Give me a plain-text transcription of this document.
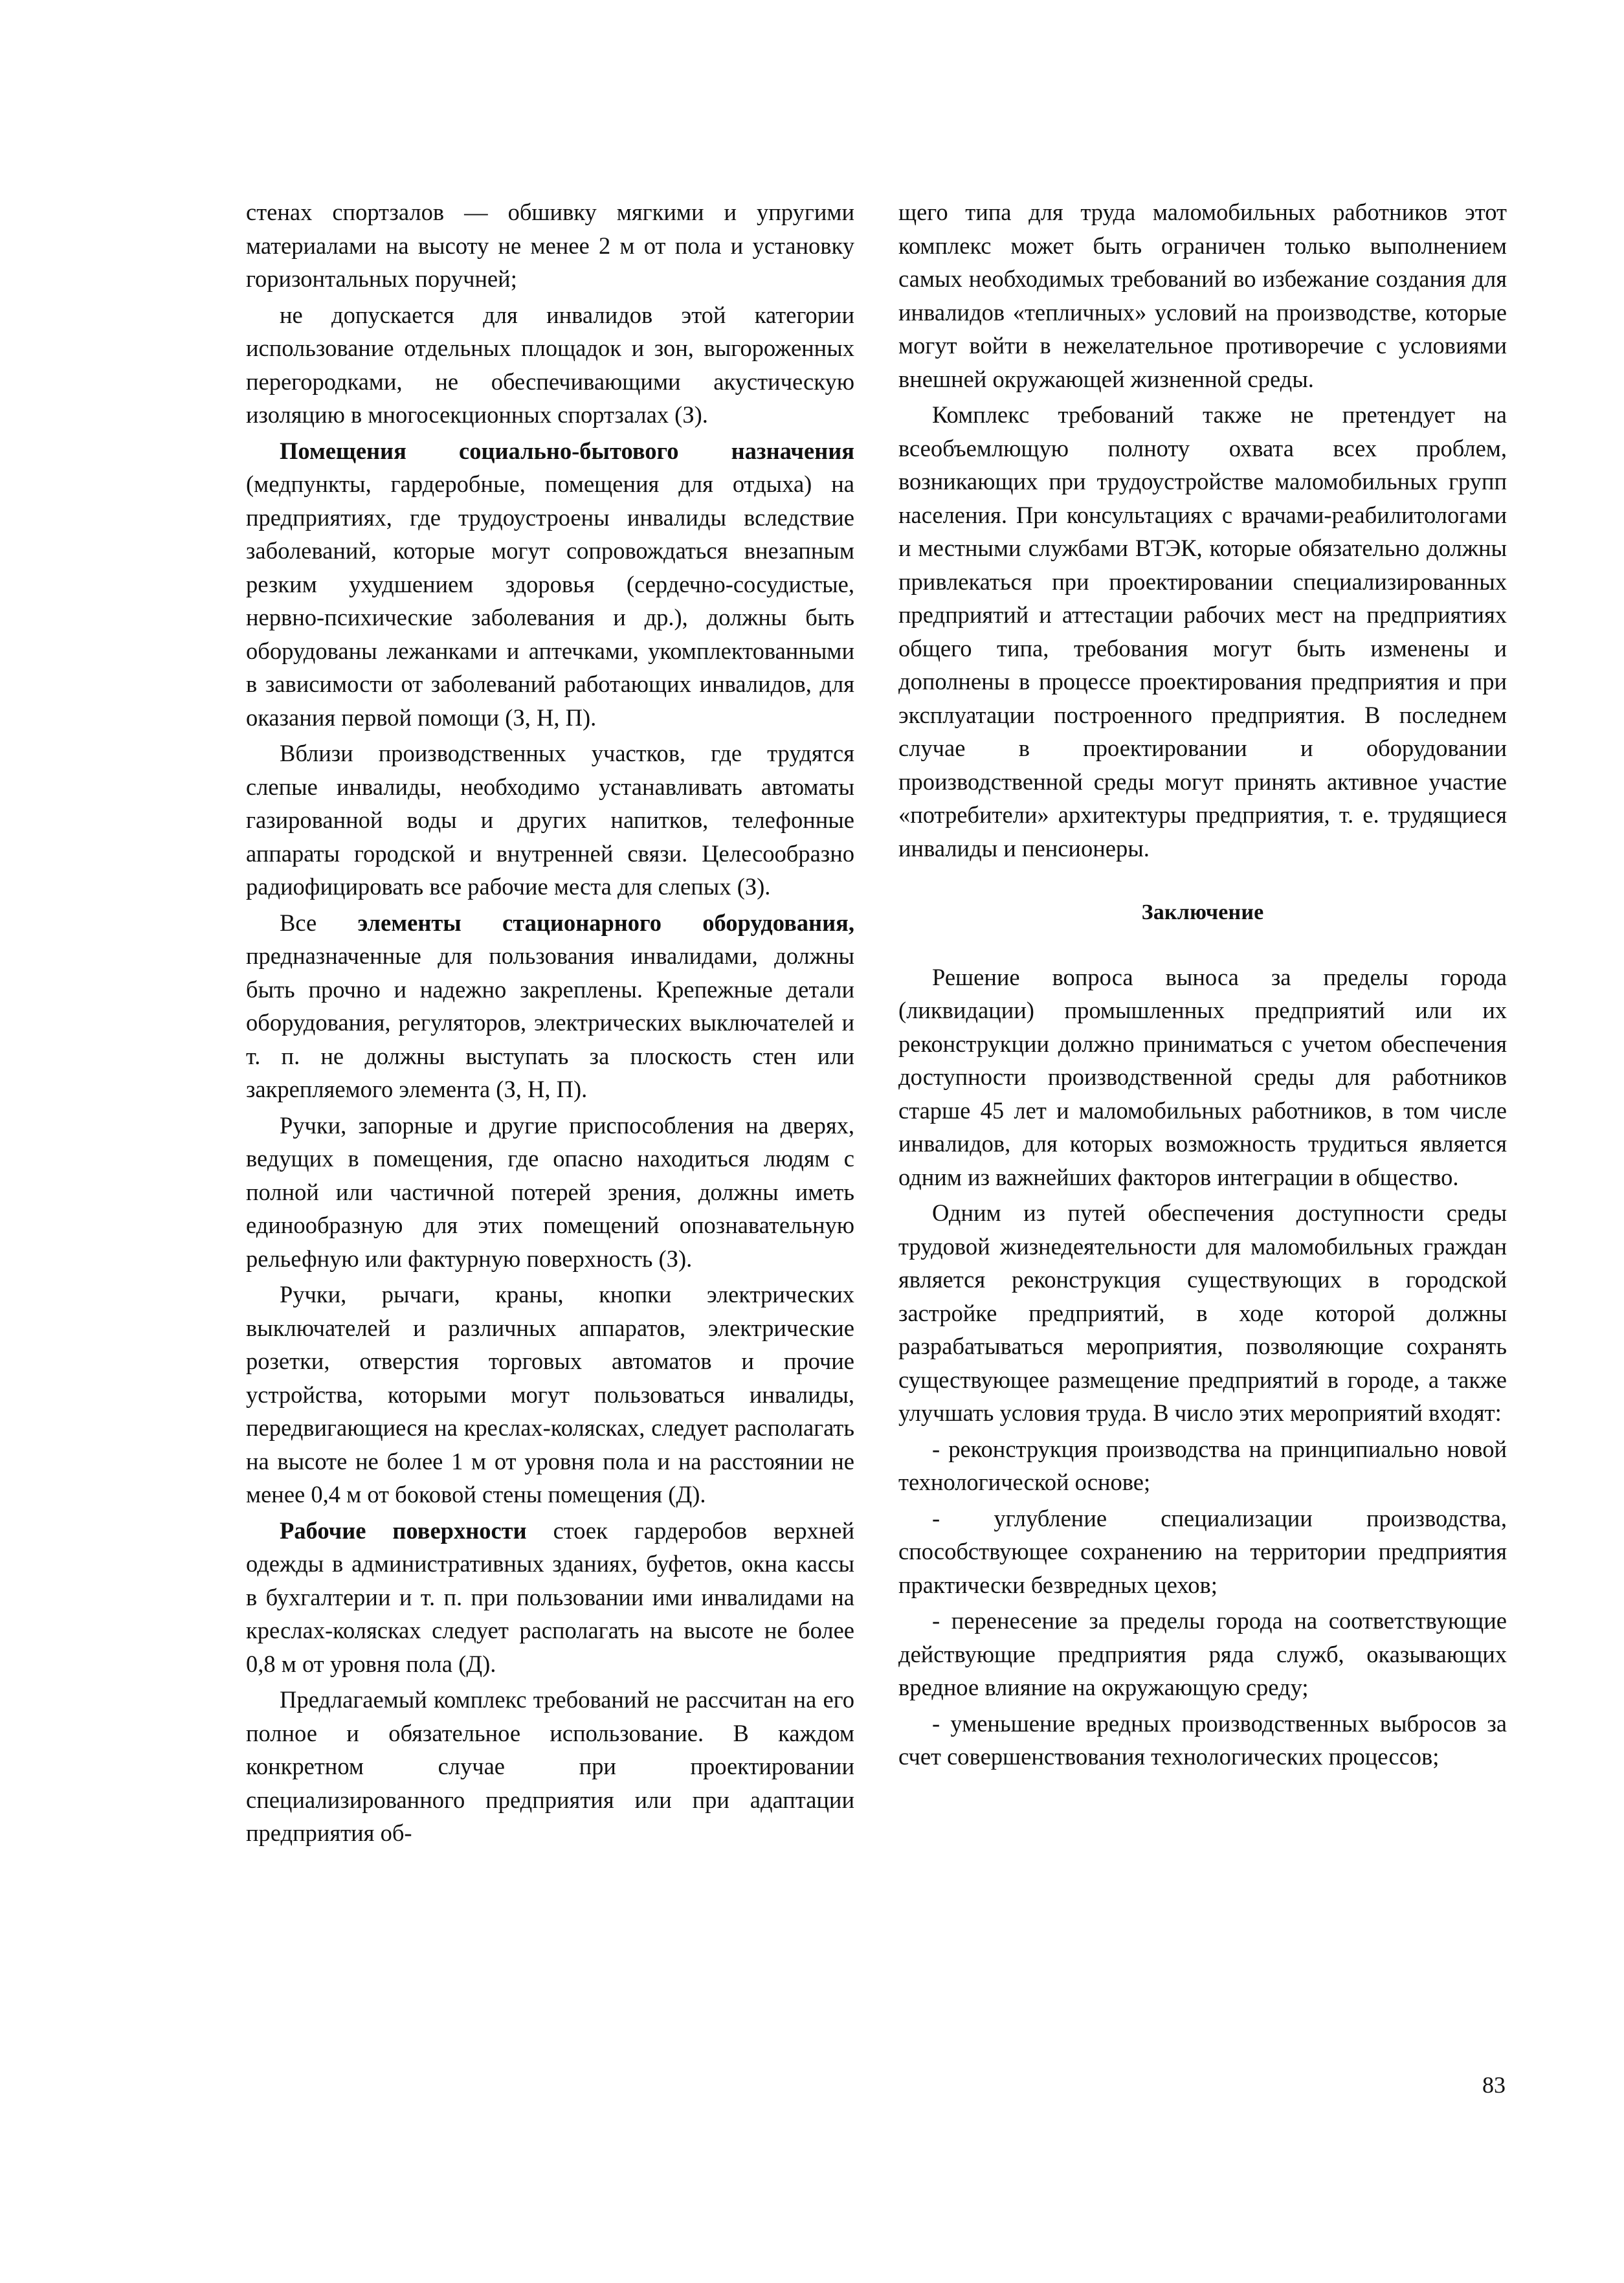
стенах спортзалов — обшивку мягкими и упругими материалами на высоту не менее 2 м от пола и установку горизонтальных поручней;

не допускается для инвалидов этой категории использование отдельных площадок и зон, выгороженных перегородками, не обеспечивающими акустическую изоляцию в многосекционных спортзалах (З).

Помещения социально-бытового назначения (медпункты, гардеробные, помещения для отдыха) на предприятиях, где трудоустроены инвалиды вследствие заболеваний, которые могут сопровождаться внезапным резким ухудшением здоровья (сердечно-сосудистые, нервно-психические заболевания и др.), должны быть оборудованы лежанками и аптечками, укомплектованными в зависимости от заболеваний работающих инвалидов, для оказания первой помощи (З, Н, П).

Вблизи производственных участков, где трудятся слепые инвалиды, необходимо устанавливать автоматы газированной воды и других напитков, телефонные аппараты городской и внутренней связи. Целесообразно радиофицировать все рабочие места для слепых (З).

Все элементы стационарного оборудования, предназначенные для пользования инвалидами, должны быть прочно и надежно закреплены. Крепежные детали оборудования, регуляторов, электрических выключателей и т. п. не должны выступать за плоскость стен или закрепляемого элемента (З, Н, П).

Ручки, запорные и другие приспособления на дверях, ведущих в помещения, где опасно находиться людям с полной или частичной потерей зрения, должны иметь единообразную для этих помещений опознавательную рельефную или фактурную поверхность (З).

Ручки, рычаги, краны, кнопки электрических выключателей и различных аппаратов, электрические розетки, отверстия торговых автоматов и прочие устройства, которыми могут пользоваться инвалиды, передвигающиеся на креслах-колясках, следует располагать на высоте не более 1 м от уровня пола и на расстоянии не менее 0,4 м от боковой стены помещения (Д).

Рабочие поверхности стоек гардеробов верхней одежды в административных зданиях, буфетов, окна кассы в бухгалтерии и т. п. при пользовании ими инвалидами на креслах-колясках следует располагать на высоте не более 0,8 м от уровня пола (Д).

Предлагаемый комплекс требований не рассчитан на его полное и обязательное использование. В каждом конкретном случае при проектировании специализированного предприятия или при адаптации предприятия об-

щего типа для труда маломобильных работников этот комплекс может быть ограничен только выполнением самых необходимых требований во избежание создания для инвалидов «тепличных» условий на производстве, которые могут войти в нежелательное противоречие с условиями внешней окружающей жизненной среды.

Комплекс требований также не претендует на всеобъемлющую полноту охвата всех проблем, возникающих при трудоустройстве маломобильных групп населения. При консультациях с врачами-реабилитологами и местными службами ВТЭК, которые обязательно должны привлекаться при проектировании специализированных предприятий и аттестации рабочих мест на предприятиях общего типа, требования могут быть изменены и дополнены в процессе проектирования предприятия и при эксплуатации построенного предприятия. В последнем случае в проектировании и оборудовании производственной среды могут принять активное участие «потребители» архитектуры предприятия, т. е. трудящиеся инвалиды и пенсионеры.

Заключение

Решение вопроса выноса за пределы города (ликвидации) промышленных предприятий или их реконструкции должно приниматься с учетом обеспечения доступности производственной среды для работников старше 45 лет и маломобильных работников, в том числе инвалидов, для которых возможность трудиться является одним из важнейших факторов интеграции в общество.

Одним из путей обеспечения доступности среды трудовой жизнедеятельности для маломобильных граждан является реконструкция существующих в городской застройке предприятий, в ходе которой должны разрабатываться мероприятия, позволяющие сохранять существующее размещение предприятий в городе, а также улучшать условия труда. В число этих мероприятий входят:

- реконструкция производства на принципиально новой технологической основе;

- углубление специализации производства, способствующее сохранению на территории предприятия практически безвредных цехов;

- перенесение за пределы города на соответствующие действующие предприятия ряда служб, оказывающих вредное влияние на окружающую среду;

- уменьшение вредных производственных выбросов за счет совершенствования технологических процессов;

83
